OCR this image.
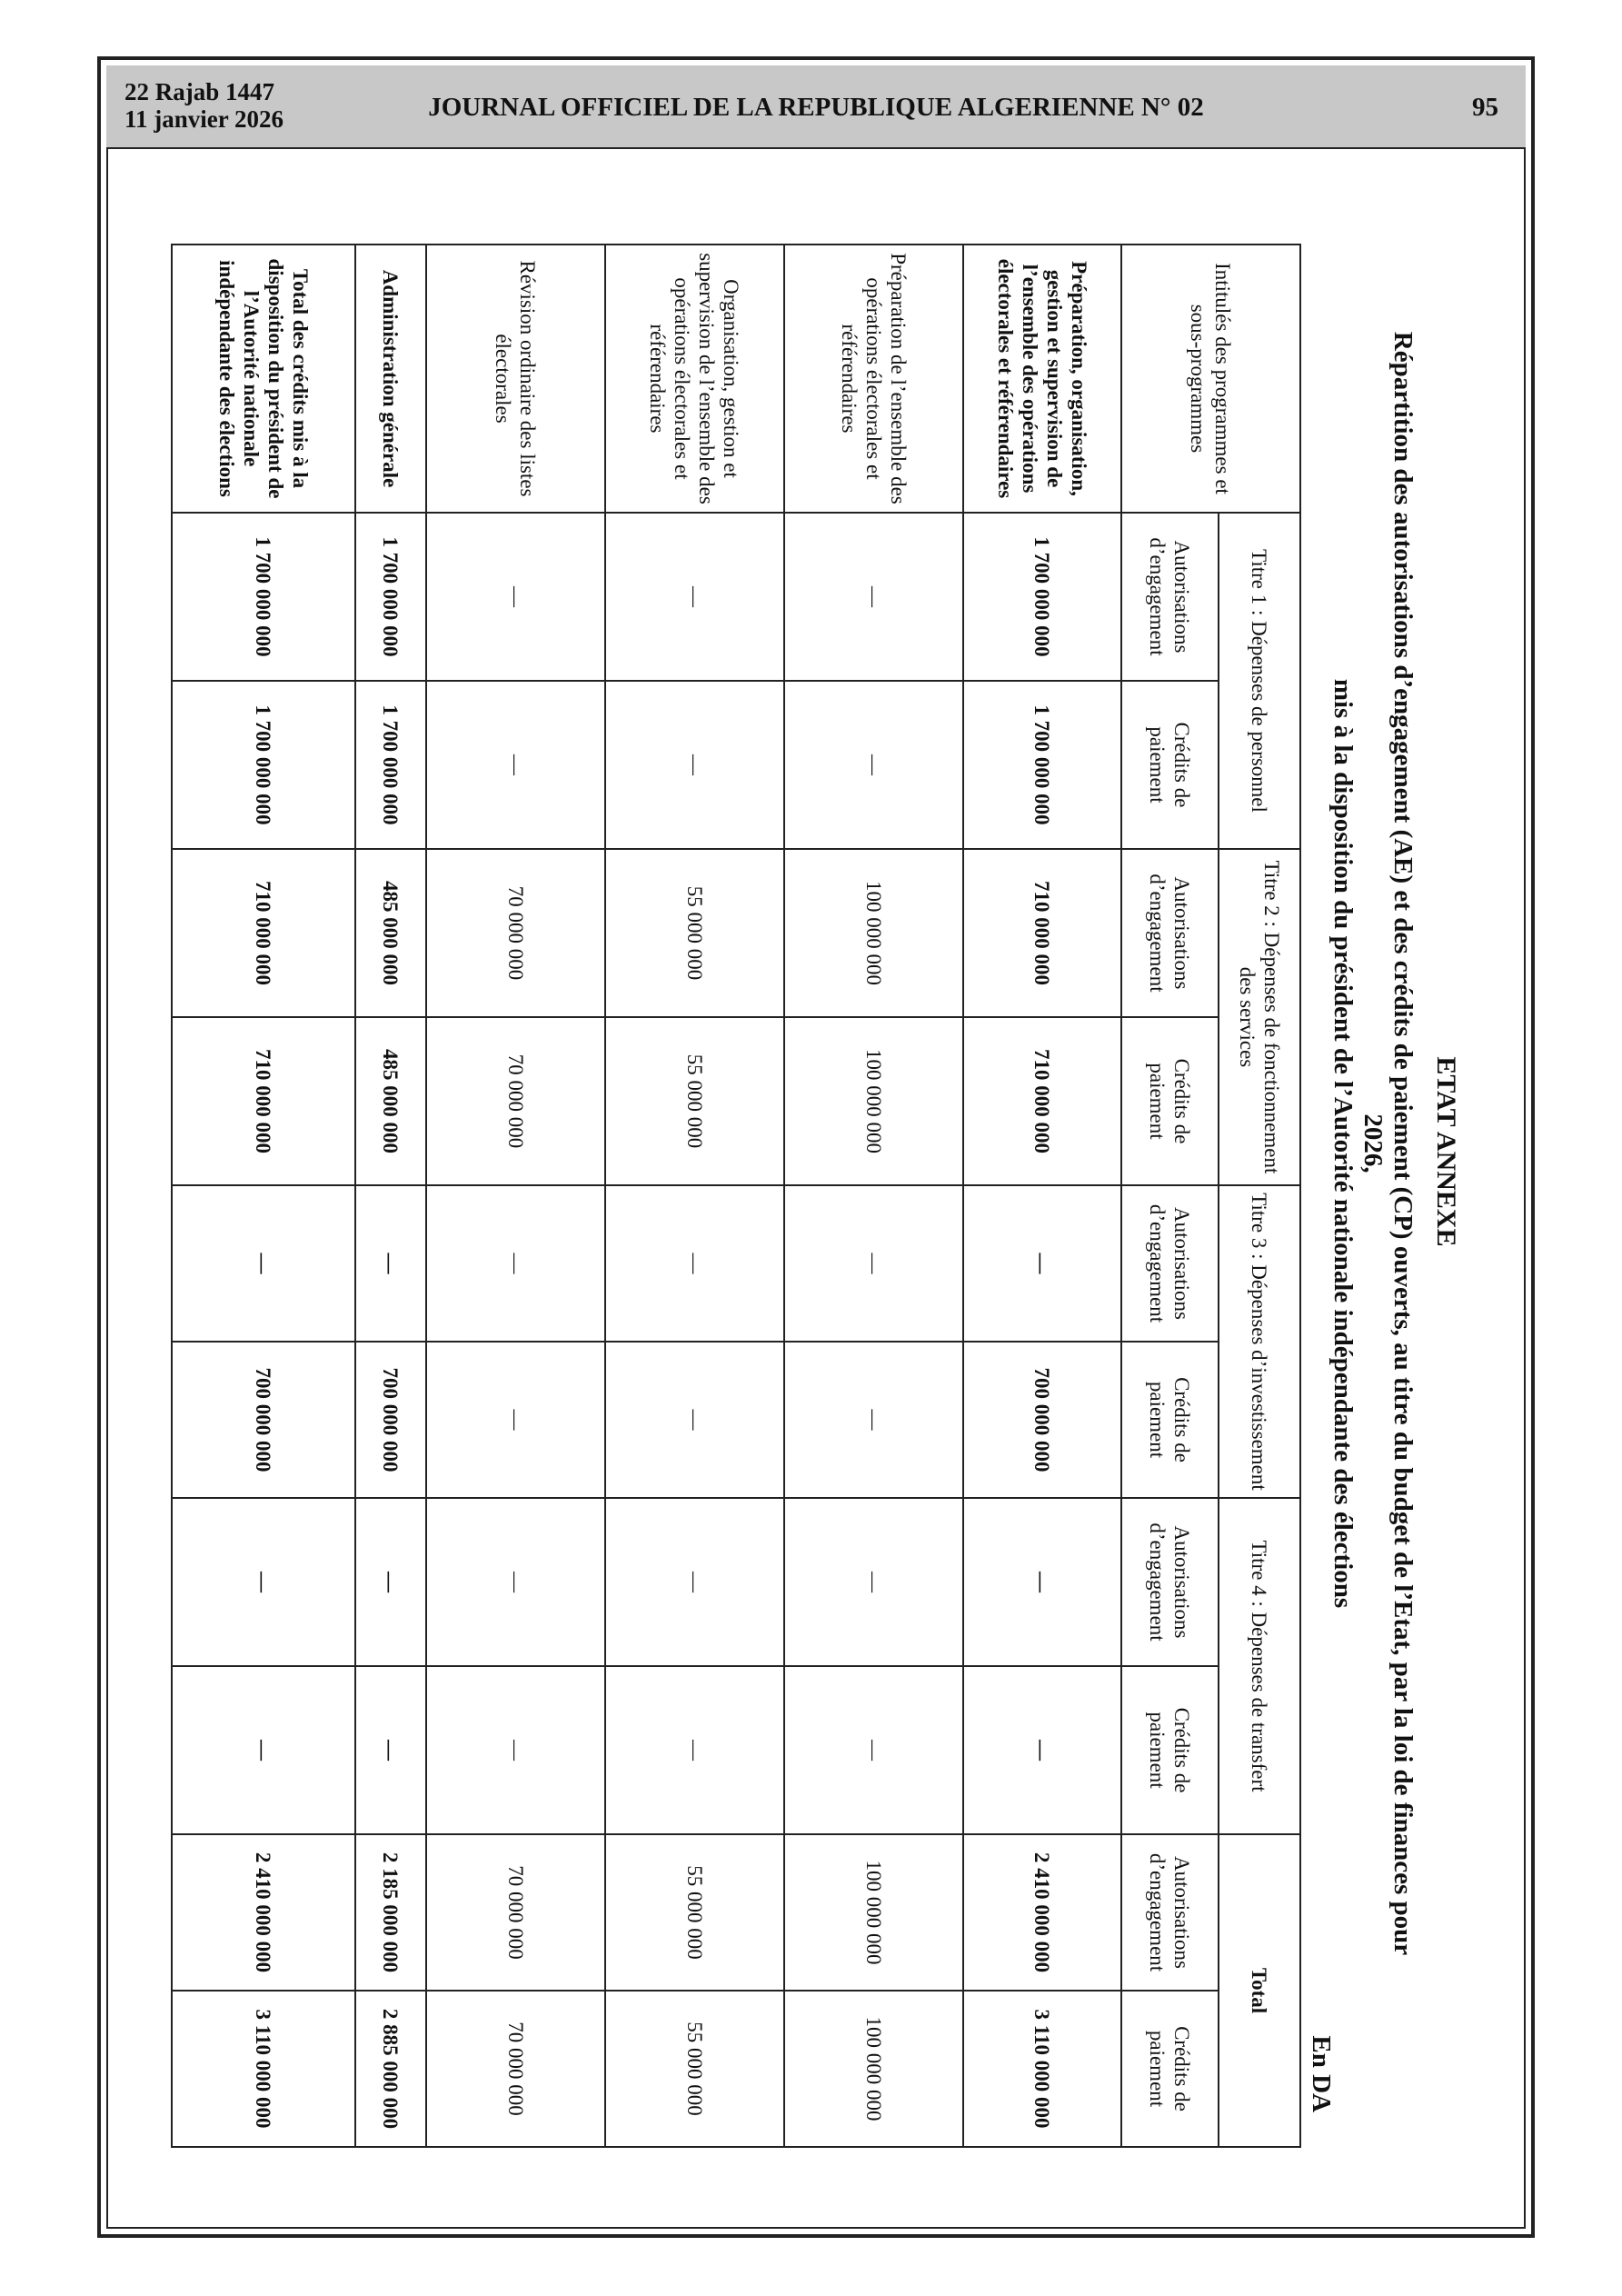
22 Rajab 1447
11 janvier 2026	JOURNAL OFFICIEL DE LA REPUBLIQUE ALGERIENNE N° 02	95
ETAT ANNEXE
Répartition des autorisations d’engagement (AE) et des crédits de paiement (CP) ouverts, au titre du budget de l’Etat, par la loi de finances pour 2026,
mis à la disposition du président de l’Autorité nationale indépendante des élections
En DA
Intitulés des programmes et sous-programmes	Titre 1 : Dépenses de personnel		Titre 2 : Dépenses de fonctionnement des services		Titre 3 : Dépenses d’investissement		Titre 4 : Dépenses de transfert		Total	
	Autorisations d’engagement	Crédits de paiement	Autorisations d’engagement	Crédits de paiement	Autorisations d’engagement	Crédits de paiement	Autorisations d’engagement	Crédits de paiement	Autorisations d’engagement	Crédits de paiement
Préparation, organisation, gestion et supervision de l’ensemble des opérations électorales et référendaires	1 700 000 000	1 700 000 000	710 000 000	710 000 000	—	700 000 000	—	—	2 410 000 000	3 110 000 000
Préparation de l’ensemble des opérations électorales et référendaires	—	—	100 000 000	100 000 000	—	—	—	—	100 000 000	100 000 000
Organisation, gestion et supervision de l’ensemble des opérations électorales et référendaires	—	—	55 000 000	55 000 000	—	—	—	—	55 000 000	55 000 000
Révision ordinaire des listes électorales	—	—	70 000 000	70 000 000	—	—	—	—	70 000 000	70 000 000
Administration générale	1 700 000 000	1 700 000 000	485 000 000	485 000 000	—	700 000 000	—	—	2 185 000 000	2 885 000 000
Total des crédits mis à la disposition du président de l’Autorité nationale indépendante des élections	1 700 000 000	1 700 000 000	710 000 000	710 000 000	—	700 000 000	—	—	2 410 000 000	3 110 000 000
